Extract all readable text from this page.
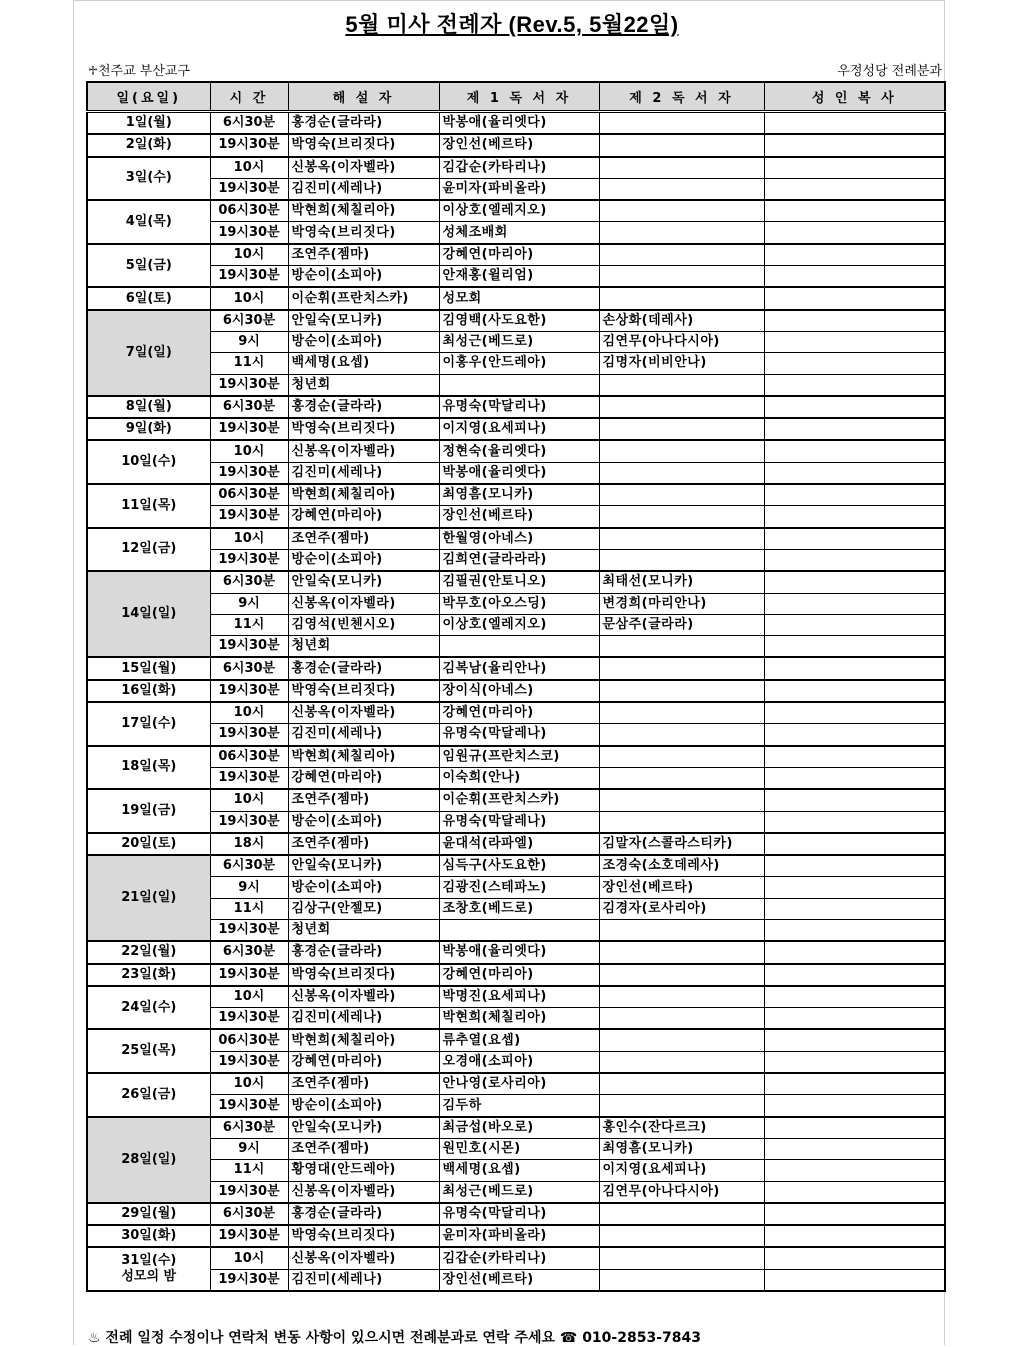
5월 미사 전례자 (Rev.5, 5월22일)
♱천주교 부산교구	우정성당 전례분과
일(요일)	시 간	해 설 자	제 1 독 서 자	제 2 독 서 자	성 인 복 사
1일(월)	6시30분	홍경순(글라라)	박봉애(율리엣다)		
2일(화)	19시30분	박영숙(브리짓다)	장인선(베르타)		
3일(수)	10시	신봉옥(이자벨라)	김갑순(카타리나)		
	19시30분	김진미(세레나)	윤미자(파비올라)		
4일(목)	06시30분	박현희(체칠리아)	이상호(엘레지오)		
	19시30분	박영숙(브리짓다)	성체조배회		
5일(금)	10시	조연주(젬마)	강혜연(마리아)		
	19시30분	방순이(소피아)	안재홍(윌리엄)		
6일(토)	10시	이순휘(프란치스카)	성모회		
7일(일)	6시30분	안일숙(모니카)	김영백(사도요한)	손상화(데레사)	
	9시	방순이(소피아)	최성근(베드로)	김연무(아나다시아)	
	11시	백세명(요셉)	이홍우(안드레아)	김명자(비비안나)	
	19시30분	청년회			
8일(월)	6시30분	홍경순(글라라)	유명숙(막달리나)		
9일(화)	19시30분	박영숙(브리짓다)	이지영(요세피나)		
10일(수)	10시	신봉옥(이자벨라)	정현숙(율리엣다)		
	19시30분	김진미(세레나)	박봉애(율리엣다)		
11일(목)	06시30분	박현희(체칠리아)	최영흠(모니카)		
	19시30분	강혜연(마리아)	장인선(베르타)		
12일(금)	10시	조연주(젬마)	한월영(아네스)		
	19시30분	방순이(소피아)	김희연(글라라라)		
14일(일)	6시30분	안일숙(모니카)	김필권(안토니오)	최태선(모니카)	
	9시	신봉옥(이자벨라)	박무호(아오스딩)	변경희(마리안나)	
	11시	김영석(빈첸시오)	이상호(엘레지오)	문삼주(글라라)	
	19시30분	청년회			
15일(월)	6시30분	홍경순(글라라)	김복남(율리안나)		
16일(화)	19시30분	박영숙(브리짓다)	장이식(아네스)		
17일(수)	10시	신봉옥(이자벨라)	강혜연(마리아)		
	19시30분	김진미(세레나)	유명숙(막달레나)		
18일(목)	06시30분	박현희(체칠리아)	임원규(프란치스코)		
	19시30분	강혜연(마리아)	이숙희(안나)		
19일(금)	10시	조연주(젬마)	이순휘(프란치스카)		
	19시30분	방순이(소피아)	유명숙(막달레나)		
20일(토)	18시	조연주(젬마)	윤대석(라파엘)	김말자(스콜라스티카)	
21일(일)	6시30분	안일숙(모니카)	심득구(사도요한)	조경숙(소호데레사)	
	9시	방순이(소피아)	김광진(스테파노)	장인선(베르타)	
	11시	김상구(안젤모)	조창호(베드로)	김경자(로사리아)	
	19시30분	청년회			
22일(월)	6시30분	홍경순(글라라)	박봉애(율리엣다)		
23일(화)	19시30분	박영숙(브리짓다)	강혜연(마리아)		
24일(수)	10시	신봉옥(이자벨라)	박명진(요세피나)		
	19시30분	김진미(세레나)	박현희(체칠리아)		
25일(목)	06시30분	박현희(체칠리아)	류추열(요셉)		
	19시30분	강혜연(마리아)	오경애(소피아)		
26일(금)	10시	조연주(젬마)	안나영(로사리아)		
	19시30분	방순이(소피아)	김두하		
28일(일)	6시30분	안일숙(모니카)	최금섭(바오로)	홍인수(잔다르크)	
	9시	조연주(젬마)	원민호(시몬)	최영흠(모니카)	
	11시	황영대(안드레아)	백세명(요셉)	이지영(요세피나)	
	19시30분	신봉옥(이자벨라)	최성근(베드로)	김연무(아나다시아)	
29일(월)	6시30분	홍경순(글라라)	유명숙(막달리나)		
30일(화)	19시30분	박영숙(브리짓다)	윤미자(파비올라)		
31일(수)
성모의 밤	10시	신봉옥(이자벨라)	김갑순(카타리나)		
	19시30분	김진미(세레나)	장인선(베르타)		
♨ 전례 일정 수정이나 연락처 변동 사항이 있으시면 전례분과로 연락 주세요 ☎ 010-2853-7843
